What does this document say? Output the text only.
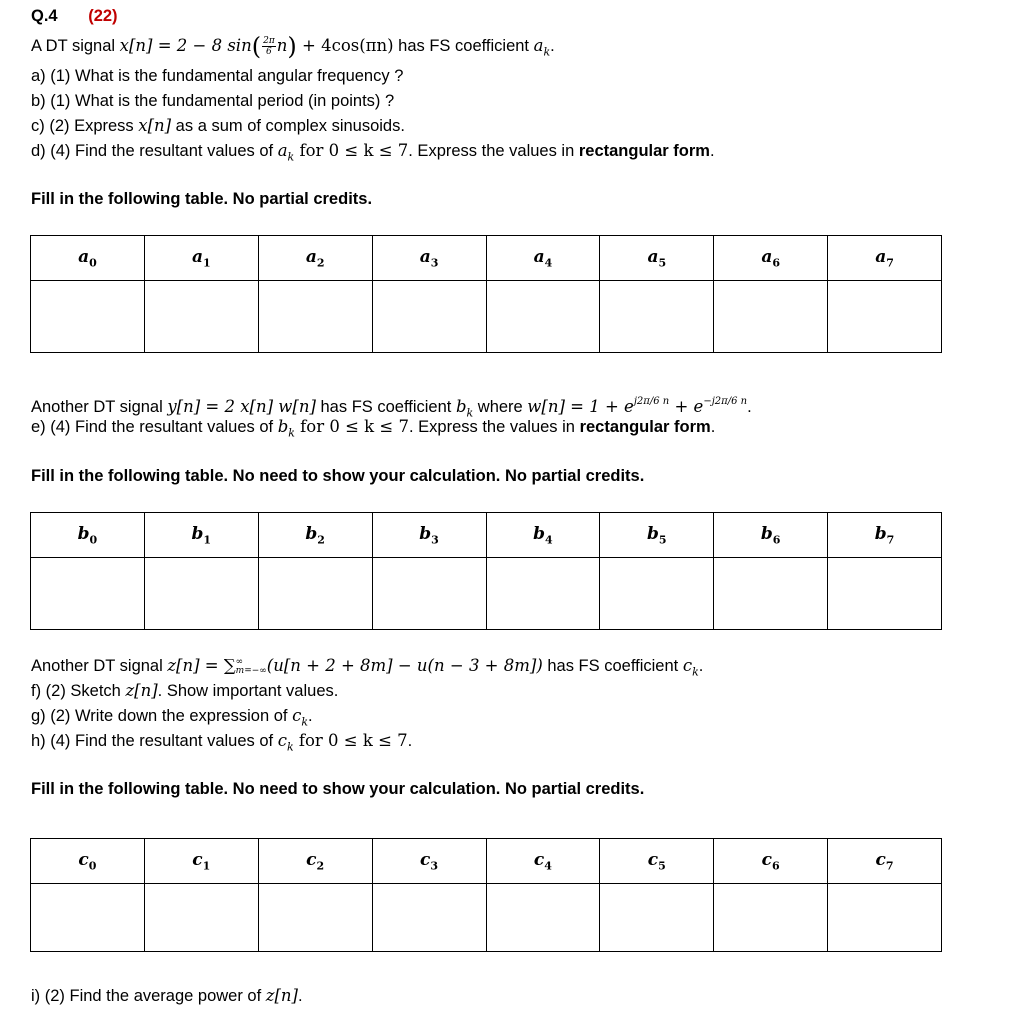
Q.4 (22)
A DT signal x[n] = 2 − 8 $\sin( \frac{2\pi}{6} n) + 4\cos(\pi n)$ has FS coefficient $a_k$.
a) (1) What is the fundamental angular frequency ?
b) (1) What is the fundamental period (in points) ?
c) (2) Express x[n] as a sum of complex sinusoids.
d) (4) Find the resultant values of $a_k$ for 0 ≤ k ≤ 7. Express the values in rectangular form.
Fill in the following table. No partial credits.
$a_0$	$a_1$	$a_2$	$a_3$	$a_4$	$a_5$	$a_6$	$a_7$

Another DT signal y[n] = 2 x[n] w[n] has FS coefficient $b_k$ where $w[n] = 1 + e^{j2\pi/6 n} + e^{-j2\pi/6 n}$.
e) (4) Find the resultant values of $b_k$ for 0 ≤ k ≤ 7. Express the values in rectangular form.
Fill in the following table. No need to show your calculation. No partial credits.
$b_0$	$b_1$	$b_2$	$b_3$	$b_4$	$b_5$	$b_6$	$b_7$

Another DT signal z[n] = ∑ ∞
m=−∞ (u[n + 2 + 8m] − u(n − 3 + 8m]) has FS coefficient $c_k$.
f) (2) Sketch z[n]. Show important values.
g) (2) Write down the expression of $c_k$.
h) (4) Find the resultant values of $c_k$ for 0 ≤ k ≤ 7.
Fill in the following table. No need to show your calculation. No partial credits.
$c_0$	$c_1$	$c_2$	$c_3$	$c_4$	$c_5$	$c_6$	$c_7$

i) (2) Find the average power of z[n].
